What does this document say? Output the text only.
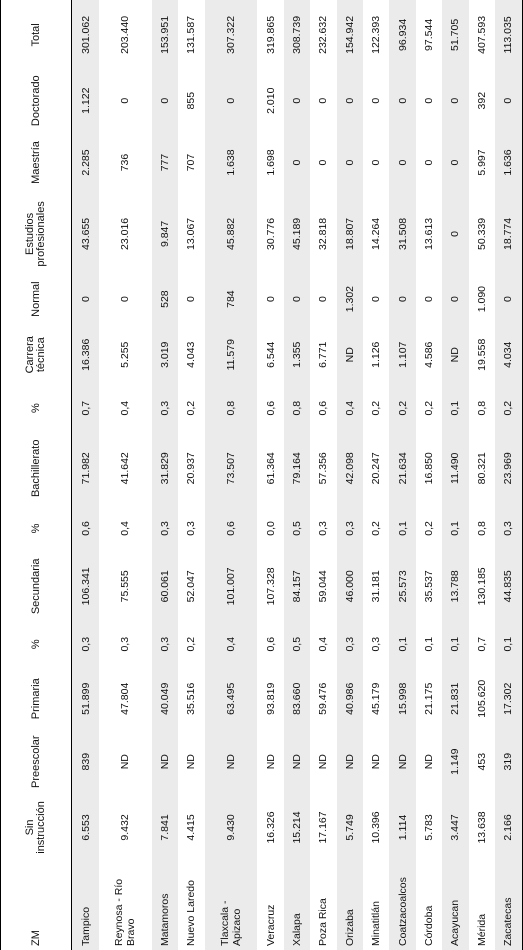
ZM	Sin instrucción	Preescolar	Primaria	%	Secundaria	%	Bachillerato	%	Carrera técnica	Normal	Estudios profesionales	Maestría	Doctorado	Total
Tampico	6.553	839	51.899	0,3	106.341	0,6	71.982	0,7	16.386	0	43.655	2.285	1.122	301.062
Reynosa - Río Bravo	9.432	ND	47.804	0,3	75.555	0,4	41.642	0,4	5.255	0	23.016	736	0	203.440
Matamoros	7.841	ND	40.049	0,3	60.061	0,3	31.829	0,3	3.019	528	9.847	777	0	153.951
Nuevo Laredo	4.415	ND	35.516	0,2	52.047	0,3	20.937	0,2	4.043	0	13.067	707	855	131.587
Tlaxcala - Apizaco	9.430	ND	63.495	0,4	101.007	0,6	73.507	0,8	11.579	784	45.882	1.638	0	307.322
Veracruz	16.326	ND	93.819	0,6	107.328	0,0	61.364	0,6	6.544	0	30.776	1.698	2.010	319.865
Xalapa	15.214	ND	83.660	0,5	84.157	0,5	79.164	0,8	1.355	0	45.189	0	0	308.739
Poza Rica	17.167	ND	59.476	0,4	59.044	0,3	57.356	0,6	6.771	0	32.818	0	0	232.632
Orizaba	5.749	ND	40.986	0,3	46.000	0,3	42.098	0,4	ND	1.302	18.807	0	0	154.942
Minatitlán	10.396	ND	45.179	0,3	31.181	0,2	20.247	0,2	1.126	0	14.264	0	0	122.393
Coatzacoalcos	1.114	ND	15.998	0,1	25.573	0,1	21.634	0,2	1.107	0	31.508	0	0	96.934
Córdoba	5.783	ND	21.175	0,1	35.537	0,2	16.850	0,2	4.586	0	13.613	0	0	97.544
Acayucan	3.447	1.149	21.831	0,1	13.788	0,1	11.490	0,1	ND	0	0	0	0	51.705
Mérida	13.638	453	105.620	0,7	130.185	0,8	80.321	0,8	19.558	1.090	50.339	5.997	392	407.593
Zacatecas	2.166	319	17.302	0,1	44.835	0,3	23.969	0,2	4.034	0	18.774	1.636	0	113.035
